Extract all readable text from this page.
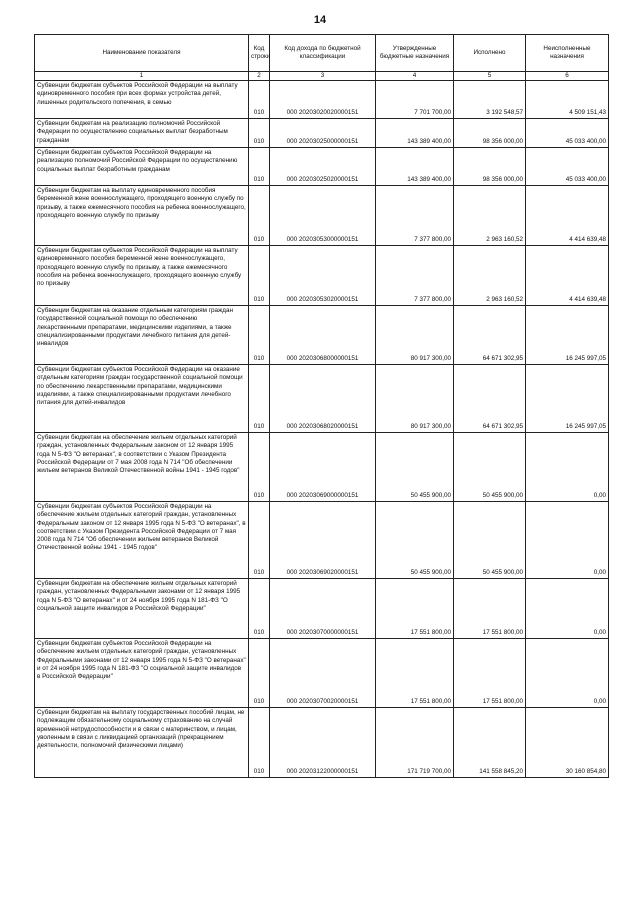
14
Наименование показателя	Код строки	Код дохода по бюджетной классификации	Утвержденные бюджетные назначения	Исполнено	Неисполненные назначения
1	2	3	4	5	6
Субвенции бюджетам субъектов Российской Федерации на выплату единовременного пособия при всех формах устройства детей, лишенных родительского попечения, в семью	010	000 20203020020000151	7 701 700,00	3 192 548,57	4 509 151,43
Субвенции бюджетам на реализацию полномочий Российской Федерации по осуществлению социальных выплат безработным гражданам	010	000 20203025000000151	143 389 400,00	98 356 000,00	45 033 400,00
Субвенции бюджетам субъектов Российской Федерации на реализацию полномочий Российской Федерации по осуществлению социальных выплат безработным гражданам	010	000 20203025020000151	143 389 400,00	98 356 000,00	45 033 400,00
Субвенции бюджетам на выплату единовременного пособия беременной жене военнослужащего, проходящего военную службу по призыву, а также ежемесячного пособия на ребенка военнослужащего, проходящего военную службу по призыву	010	000 20203053000000151	7 377 800,00	2 963 160,52	4 414 639,48
Субвенции бюджетам субъектов Российской Федерации на выплату единовременного пособия беременной жене военнослужащего, проходящего военную службу по призыву, а также ежемесячного пособия на ребенка военнослужащего, проходящего военную службу по призыву	010	000 20203053020000151	7 377 800,00	2 963 160,52	4 414 639,48
Субвенции бюджетам на оказание отдельным категориям граждан государственной социальной помощи по обеспечению лекарственными препаратами, медицинскими изделиями, а также специализированными продуктами лечебного питания для детей-инвалидов	010	000 20203068000000151	80 917 300,00	64 671 302,95	16 245 997,05
Субвенции бюджетам субъектов Российской Федерации на оказание отдельным категориям граждан государственной социальной помощи по обеспечению лекарственными препаратами, медицинскими изделиями, а также специализированными продуктами лечебного питания для детей-инвалидов	010	000 20203068020000151	80 917 300,00	64 671 302,95	16 245 997,05
Субвенции бюджетам на обеспечение жильем отдельных категорий граждан, установленных Федеральным законом от 12 января 1995 года N 5-ФЗ "О ветеранах", в соответствии с Указом Президента Российской Федерации от 7 мая 2008 года N 714 "Об обеспечении жильем ветеранов Великой Отечественной войны 1941 - 1945 годов"	010	000 20203069000000151	50 455 900,00	50 455 900,00	0,00
Субвенции бюджетам субъектов Российской Федерации на обеспечение жильем отдельных категорий граждан, установленных Федеральным законом от 12 января 1995 года N 5-ФЗ "О ветеранах", в соответствии с Указом Президента Российской Федерации от 7 мая 2008 года N 714 "Об обеспечении жильем ветеранов Великой Отечественной войны 1941 - 1945 годов"	010	000 20203069020000151	50 455 900,00	50 455 900,00	0,00
Субвенции бюджетам на обеспечение жильем отдельных категорий граждан, установленных Федеральными законами от 12 января 1995 года N 5-ФЗ "О ветеранах" и от 24 ноября 1995 года N 181-ФЗ "О социальной защите инвалидов в Российской Федерации"	010	000 20203070000000151	17 551 800,00	17 551 800,00	0,00
Субвенции бюджетам субъектов Российской Федерации на обеспечение жильем отдельных категорий граждан, установленных Федеральными законами от 12 января 1995 года N 5-ФЗ "О ветеранах" и от 24 ноября 1995 года N 181-ФЗ "О социальной защите инвалидов в Российской Федерации"	010	000 20203070020000151	17 551 800,00	17 551 800,00	0,00
Субвенции бюджетам на выплату государственных пособий лицам, не подлежащим обязательному социальному страхованию на случай временной нетрудоспособности и в связи с материнством, и лицам, уволенным в связи с ликвидацией организаций (прекращением деятельности, полномочий физическими лицами)	010	000 20203122000000151	171 719 700,00	141 558 845,20	30 160 854,80
